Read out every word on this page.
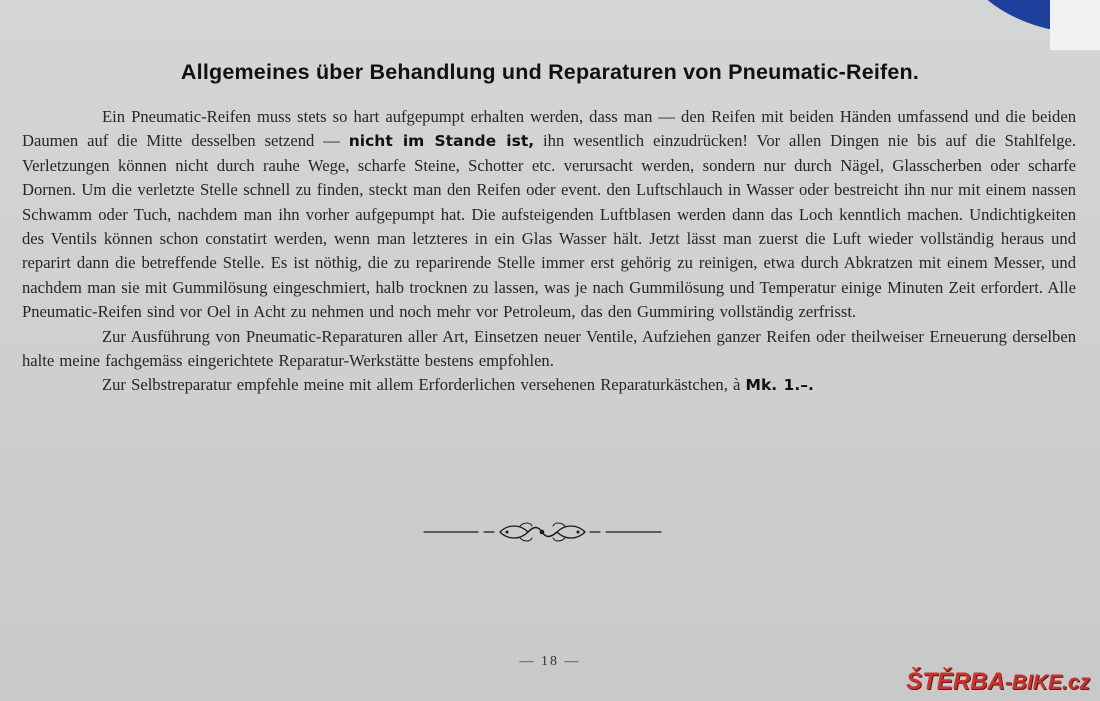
Allgemeines über Behandlung und Reparaturen von Pneumatic-Reifen.

Ein Pneumatic-Reifen muss stets so hart aufgepumpt erhalten werden, dass man — den Reifen mit beiden Händen umfassend und die beiden Daumen auf die Mitte desselben setzend — nicht im Stande ist, ihn wesentlich einzudrücken! Vor allen Dingen nie bis auf die Stahlfelge. Verletzungen können nicht durch rauhe Wege, scharfe Steine, Schotter etc. verursacht werden, sondern nur durch Nägel, Glasscherben oder scharfe Dornen. Um die verletzte Stelle schnell zu finden, steckt man den Reifen oder event. den Luftschlauch in Wasser oder bestreicht ihn nur mit einem nassen Schwamm oder Tuch, nachdem man ihn vorher aufgepumpt hat. Die aufsteigenden Luftblasen werden dann das Loch kenntlich machen. Undichtigkeiten des Ventils können schon constatirt werden, wenn man letzteres in ein Glas Wasser hält. Jetzt lässt man zuerst die Luft wieder vollständig heraus und reparirt dann die betreffende Stelle. Es ist nöthig, die zu reparirende Stelle immer erst gehörig zu reinigen, etwa durch Abkratzen mit einem Messer, und nachdem man sie mit Gummilösung eingeschmiert, halb trocknen zu lassen, was je nach Gummilösung und Temperatur einige Minuten Zeit erfordert. Alle Pneumatic-Reifen sind vor Oel in Acht zu nehmen und noch mehr vor Petroleum, das den Gummiring vollständig zerfrisst.

Zur Ausführung von Pneumatic-Reparaturen aller Art, Einsetzen neuer Ventile, Aufziehen ganzer Reifen oder theilweiser Erneuerung derselben halte meine fachgemäss eingerichtete Reparatur-Werkstätte bestens empfohlen.

Zur Selbstreparatur empfehle meine mit allem Erforderlichen versehenen Reparaturkästchen, à Mk. 1.–.

— 18 —
ŠTĚRBA-BIKE.cz
